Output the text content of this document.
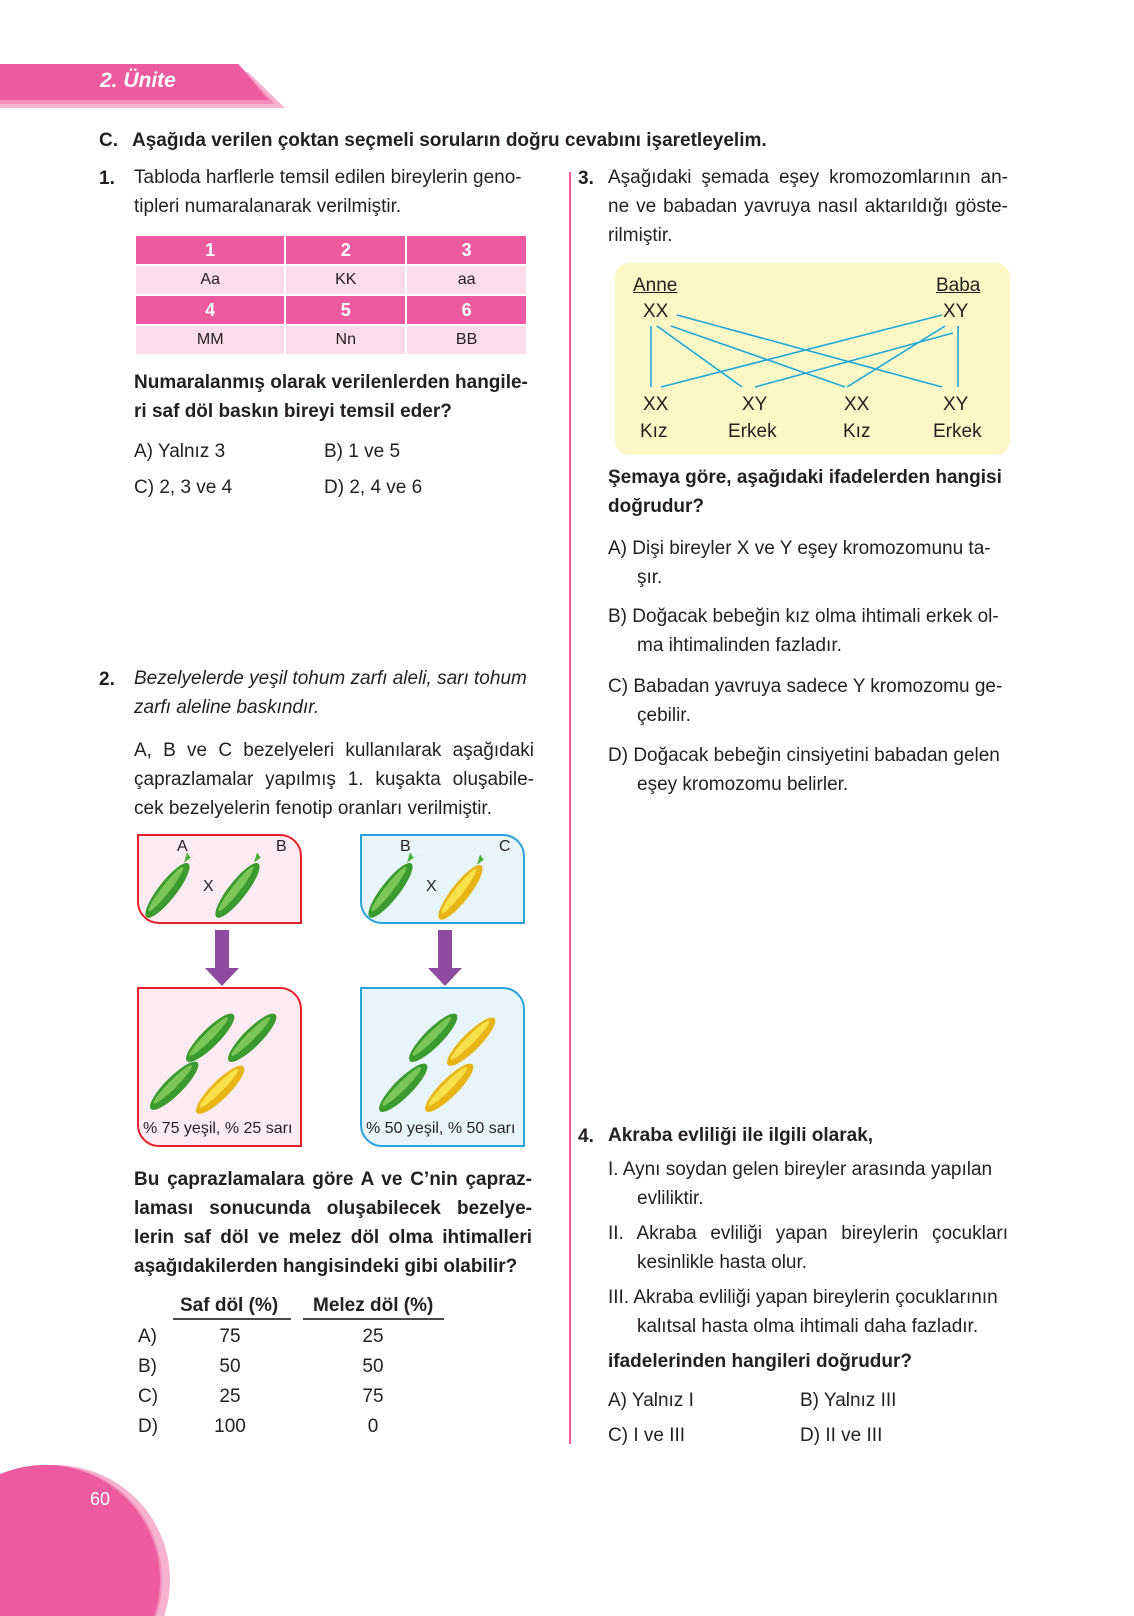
2. Ünite
C. Aşağıda verilen çoktan seçmeli soruların doğru cevabını işaretleyelim.
1. Tabloda harflerle temsil edilen bireylerin geno-
tipleri numaralanarak verilmiştir.
1	2	3
Aa	KK	aa
4	5	6
MM	Nn	BB
Numaralanmış olarak verilenlerden hangile-
ri saf döl baskın bireyi temsil eder?
A) Yalnız 3	B) 1 ve 5
C) 2, 3 ve 4	D) 2, 4 ve 6
2. Bezelyelerde yeşil tohum zarfı aleli, sarı tohum
zarfı aleline baskındır.
A, B ve C bezelyeleri kullanılarak aşağıdaki
çaprazlamalar yapılmış 1. kuşakta oluşabile-
cek bezelyelerin fenotip oranları verilmiştir.
A	B
X
B	C
X
% 75 yeşil, % 25 sarı	% 50 yeşil, % 50 sarı
Bu çaprazlamalara göre A ve C’nin çapraz-
laması sonucunda oluşabilecek bezelye-
lerin saf döl ve melez döl olma ihtimalleri
aşağıdakilerden hangisindeki gibi olabilir?
Saf döl (%) Melez döl (%)
A)	75	25
B)	50	50
C)	25	75
D)	100	0
3. Aşağıdaki şemada eşey kromozomlarının an-
ne ve babadan yavruya nasıl aktarıldığı göste-
rilmiştir.
Anne
XX
Baba
XY
XX
Kız
XY
Erkek
XX
Kız
XY
Erkek
Şemaya göre, aşağıdaki ifadelerden hangisi
doğrudur?
A) Dişi bireyler X ve Y eşey kromozomunu ta-
şır.
B) Doğacak bebeğin kız olma ihtimali erkek ol-
ma ihtimalinden fazladır.
C) Babadan yavruya sadece Y kromozomu ge-
çebilir.
D) Doğacak bebeğin cinsiyetini babadan gelen
eşey kromozomu belirler.
4. Akraba evliliği ile ilgili olarak,
I. Aynı soydan gelen bireyler arasında yapılan
evliliktir.
II. Akraba evliliği yapan bireylerin çocukları
kesinlikle hasta olur.
III. Akraba evliliği yapan bireylerin çocuklarının
kalıtsal hasta olma ihtimali daha fazladır.
ifadelerinden hangileri doğrudur?
A) Yalnız I	B) Yalnız III
C) I ve III	D) II ve III
60
